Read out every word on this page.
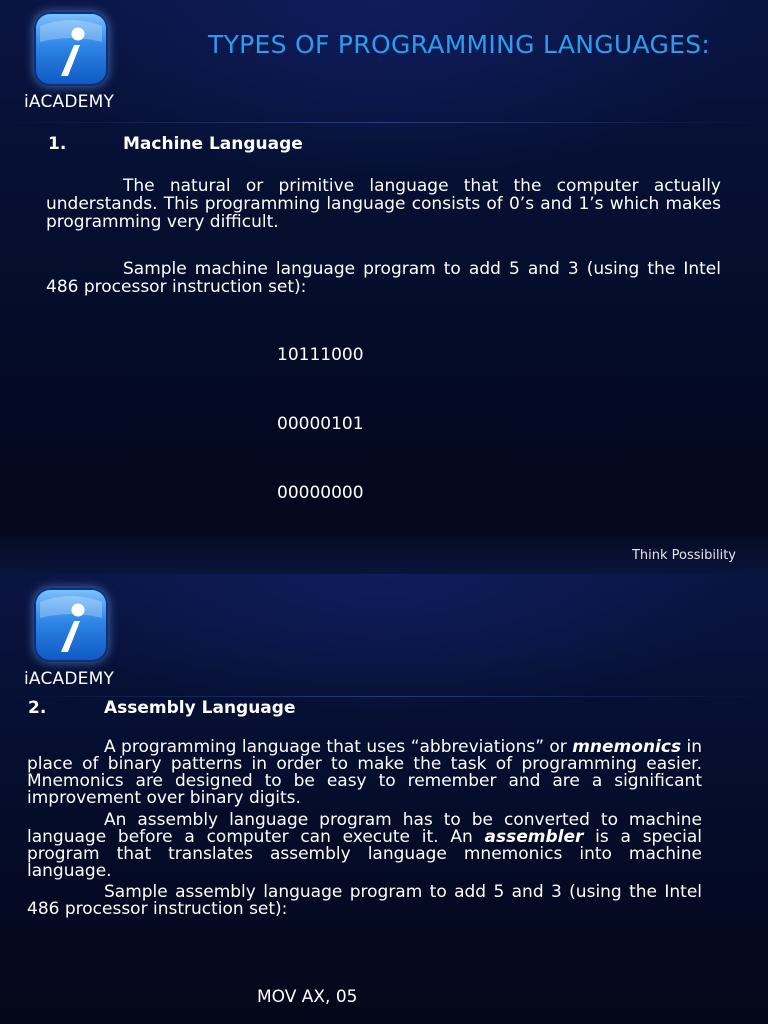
iACADEMY
TYPES OF PROGRAMMING LANGUAGES:
1.	Machine Language
The natural or primitive language that the computer actually understands. This programming language consists of 0’s and 1’s which makes programming very difficult.
Sample machine language program to add 5 and 3 (using the Intel 486 processor instruction set):

10111000

00000101

00000000

Think Possibility
iACADEMY
2.	Assembly Language
A programming language that uses “abbreviations” or mnemonics in place of binary patterns in order to make the task of programming easier. Mnemonics are designed to be easy to remember and are a significant improvement over binary digits.
An assembly language program has to be converted to machine language before a computer can execute it. An assembler is a special program that translates assembly language mnemonics into machine language.
Sample assembly language program to add 5 and 3 (using the Intel 486 processor instruction set):

MOV AX, 05
